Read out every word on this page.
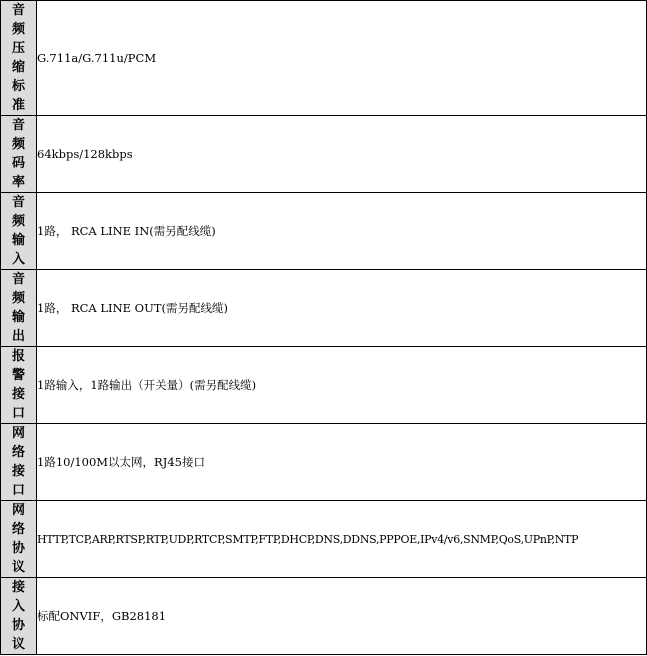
音频压缩标准	G.711a/G.711u/PCM

音频码率	64kbps/128kbps

音频输入	1路， RCA LINE IN(需另配线缆)

音频输出	1路， RCA LINE OUT(需另配线缆)

报警接口	1路输入，1路输出（开关量）(需另配线缆)

网络接口	1路10/100M以太网，RJ45接口

网络协议	HTTP,TCP,ARP,RTSP,RTP,UDP,RTCP,SMTP,FTP,DHCP,DNS,DDNS,PPPOE,IPv4/v6,SNMP,QoS,UPnP,NTP

接入协议	标配ONVIF，GB28181
